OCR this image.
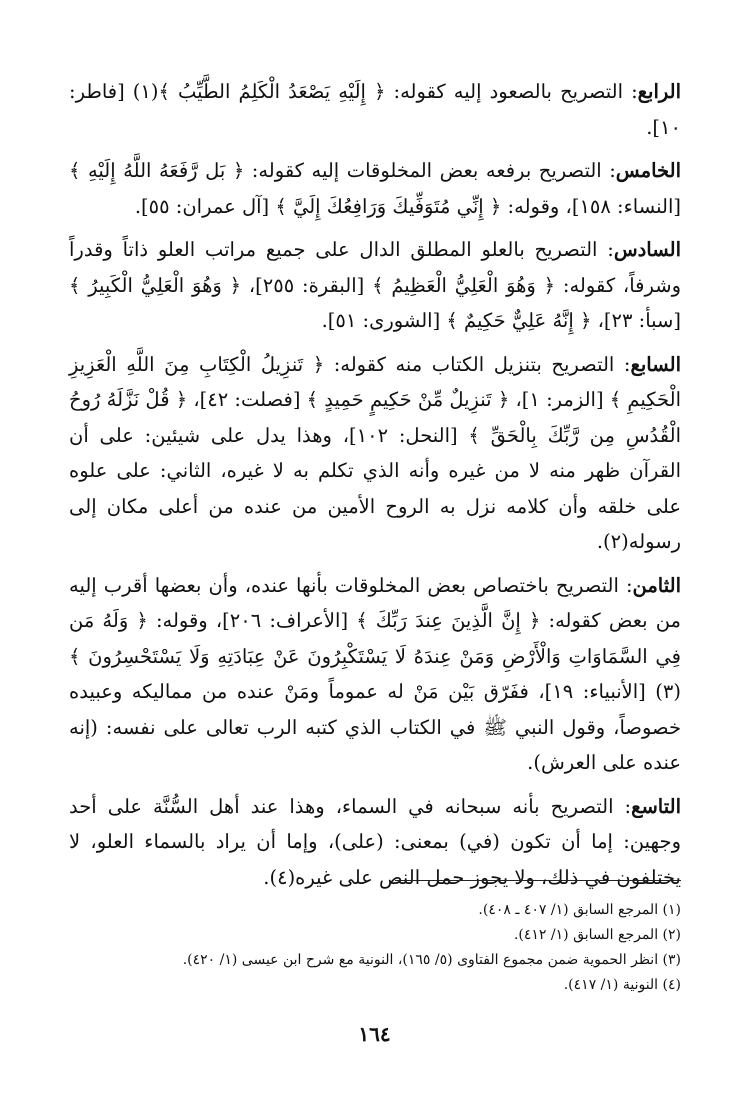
الرابع: التصريح بالصعود إليه كقوله: ﴿ إِلَيْهِ يَصْعَدُ الْكَلِمُ الطَّيِّبُ ﴾(١) [فاطر: ١٠].

الخامس: التصريح برفعه بعض المخلوقات إليه كقوله: ﴿ بَل رَّفَعَهُ اللَّهُ إِلَيْهِ ﴾ [النساء: ١٥٨]، وقوله: ﴿ إِنِّي مُتَوَفِّيكَ وَرَافِعُكَ إِلَيَّ ﴾ [آل عمران: ٥٥].

السادس: التصريح بالعلو المطلق الدال على جميع مراتب العلو ذاتاً وقدراً وشرفاً، كقوله: ﴿ وَهُوَ الْعَلِيُّ الْعَظِيمُ ﴾ [البقرة: ٢٥٥]، ﴿ وَهُوَ الْعَلِيُّ الْكَبِيرُ ﴾ [سبأ: ٢٣]، ﴿ إِنَّهُ عَلِيٌّ حَكِيمٌ ﴾ [الشورى: ٥١].

السابع: التصريح بتنزيل الكتاب منه كقوله: ﴿ تَنزِيلُ الْكِتَابِ مِنَ اللَّهِ الْعَزِيزِ الْحَكِيمِ ﴾ [الزمر: ١]، ﴿ تَنزِيلٌ مِّنْ حَكِيمٍ حَمِيدٍ ﴾ [فصلت: ٤٢]، ﴿ قُلْ نَزَّلَهُ رُوحُ الْقُدُسِ مِن رَّبِّكَ بِالْحَقِّ ﴾ [النحل: ١٠٢]، وهذا يدل على شيئين: على أن القرآن ظهر منه لا من غيره وأنه الذي تكلم به لا غيره، الثاني: على علوه على خلقه وأن كلامه نزل به الروح الأمين من عنده من أعلى مكان إلى رسوله(٢).

الثامن: التصريح باختصاص بعض المخلوقات بأنها عنده، وأن بعضها أقرب إليه من بعض كقوله: ﴿ إِنَّ الَّذِينَ عِندَ رَبِّكَ ﴾ [الأعراف: ٢٠٦]، وقوله: ﴿ وَلَهُ مَن فِي السَّمَاوَاتِ وَالْأَرْضِ وَمَنْ عِندَهُ لَا يَسْتَكْبِرُونَ عَنْ عِبَادَتِهِ وَلَا يَسْتَحْسِرُونَ ﴾(٣) [الأنبياء: ١٩]، ففَرّق بَيْن مَنْ له عموماً ومَنْ عنده من مماليكه وعبيده خصوصاً، وقول النبي ﷺ في الكتاب الذي كتبه الرب تعالى على نفسه: (إنه عنده على العرش).

التاسع: التصريح بأنه سبحانه في السماء، وهذا عند أهل السُّنَّة على أحد وجهين: إما أن تكون (في) بمعنى: (على)، وإما أن يراد بالسماء العلو، لا يختلفون في ذلك، ولا يجوز حمل النص على غيره(٤).

(١) المرجع السابق (١/ ٤٠٧ ـ ٤٠٨).

(٢) المرجع السابق (١/ ٤١٢).

(٣) انظر الحموية ضمن مجموع الفتاوى (٥/ ١٦٥)، النونية مع شرح ابن عيسى (١/ ٤٢٠).

(٤) النونية (١/ ٤١٧).

١٦٤
